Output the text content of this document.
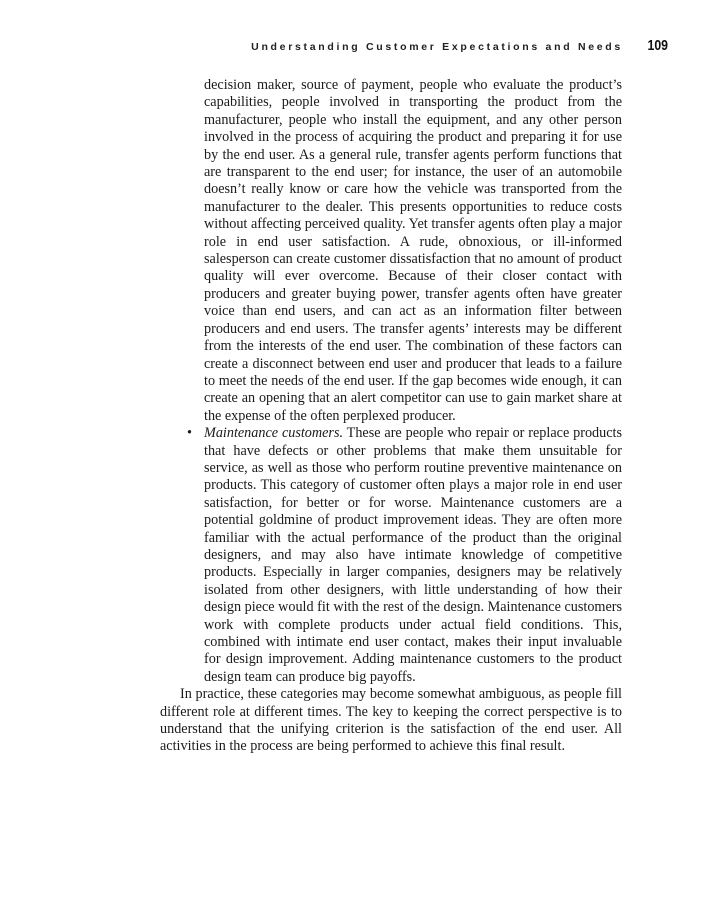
Understanding Customer Expectations and Needs 109

decision maker, source of payment, people who evaluate the product’s capabilities, people involved in transporting the product from the manufacturer, people who install the equipment, and any other person involved in the process of acquiring the product and preparing it for use by the end user. As a general rule, transfer agents perform functions that are transparent to the end user; for instance, the user of an automobile doesn’t really know or care how the vehicle was transported from the manufacturer to the dealer. This presents opportunities to reduce costs without affecting perceived quality. Yet transfer agents often play a major role in end user satisfaction. A rude, obnoxious, or ill-informed salesperson can create customer dissatisfaction that no amount of product quality will ever overcome. Because of their closer contact with producers and greater buying power, transfer agents often have greater voice than end users, and can act as an information filter between producers and end users. The transfer agents’ interests may be different from the interests of the end user. The combination of these factors can create a disconnect between end user and producer that leads to a failure to meet the needs of the end user. If the gap becomes wide enough, it can create an opening that an alert competitor can use to gain market share at the expense of the often perplexed producer.

• Maintenance customers. These are people who repair or replace products that have defects or other problems that make them unsuitable for service, as well as those who perform routine preventive maintenance on products. This category of customer often plays a major role in end user satisfaction, for better or for worse. Maintenance customers are a potential goldmine of product improvement ideas. They are often more familiar with the actual performance of the product than the original designers, and may also have intimate knowledge of competitive products. Especially in larger companies, designers may be relatively isolated from other designers, with little understanding of how their design piece would fit with the rest of the design. Maintenance customers work with complete products under actual field conditions. This, combined with intimate end user contact, makes their input invaluable for design improvement. Adding maintenance customers to the product design team can produce big payoffs.

In practice, these categories may become somewhat ambiguous, as people fill different role at different times. The key to keeping the correct perspective is to understand that the unifying criterion is the satisfaction of the end user. All activities in the process are being performed to achieve this final result.
